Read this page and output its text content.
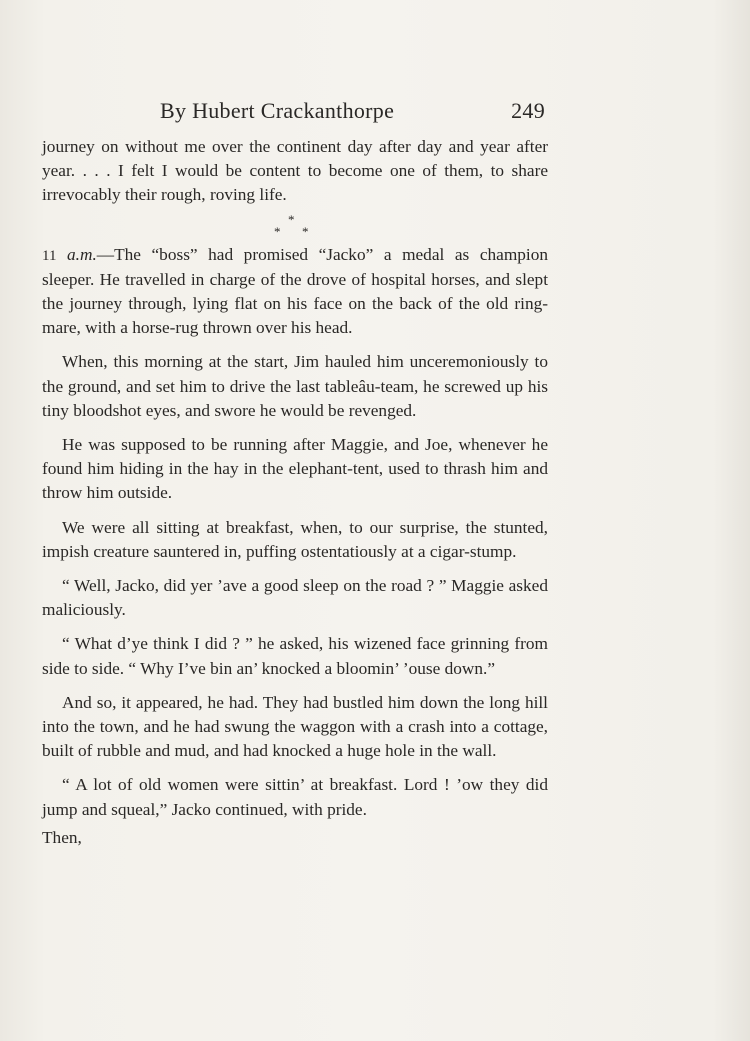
By Hubert Crackanthorpe	249

journey on without me over the continent day after day and year after year. . . . I felt I would be content to become one of them, to share irrevocably their rough, roving life.

*
* *

11 a.m.—The “boss” had promised “Jacko” a medal as champion sleeper. He travelled in charge of the drove of hospital horses, and slept the journey through, lying flat on his face on the back of the old ring-mare, with a horse-rug thrown over his head.

When, this morning at the start, Jim hauled him unceremoniously to the ground, and set him to drive the last tableâu-team, he screwed up his tiny bloodshot eyes, and swore he would be revenged.

He was supposed to be running after Maggie, and Joe, whenever he found him hiding in the hay in the elephant-tent, used to thrash him and throw him outside.

We were all sitting at breakfast, when, to our surprise, the stunted, impish creature sauntered in, puffing ostentatiously at a cigar-stump.

“ Well, Jacko, did yer ’ave a good sleep on the road ? ” Maggie asked maliciously.

“ What d’ye think I did ? ” he asked, his wizened face grinning from side to side. “ Why I’ve bin an’ knocked a bloomin’ ’ouse down.”

And so, it appeared, he had. They had bustled him down the long hill into the town, and he had swung the waggon with a crash into a cottage, built of rubble and mud, and had knocked a huge hole in the wall.

“ A lot of old women were sittin’ at breakfast. Lord ! ’ow they did jump and squeal,” Jacko continued, with pride.

Then,
